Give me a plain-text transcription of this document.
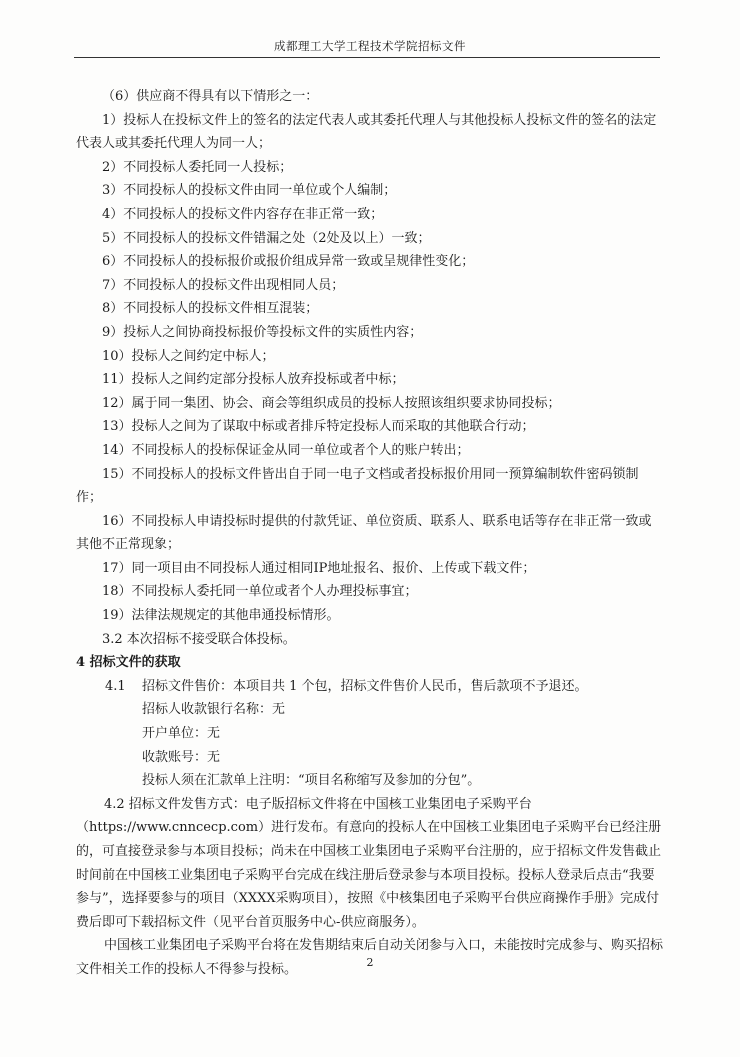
成都理工大学工程技术学院招标文件

（6）供应商不得具有以下情形之一：

1）投标人在投标文件上的签名的法定代表人或其委托代理人与其他投标人投标文件的签名的法定代表人或其委托代理人为同一人；

2）不同投标人委托同一人投标；

3）不同投标人的投标文件由同一单位或个人编制；

4）不同投标人的投标文件内容存在非正常一致；

5）不同投标人的投标文件错漏之处（2处及以上）一致；

6）不同投标人的投标报价或报价组成异常一致或呈规律性变化；

7）不同投标人的投标文件出现相同人员；

8）不同投标人的投标文件相互混装；

9）投标人之间协商投标报价等投标文件的实质性内容；

10）投标人之间约定中标人；

11）投标人之间约定部分投标人放弃投标或者中标；

12）属于同一集团、协会、商会等组织成员的投标人按照该组织要求协同投标；

13）投标人之间为了谋取中标或者排斥特定投标人而采取的其他联合行动；

14）不同投标人的投标保证金从同一单位或者个人的账户转出；

15）不同投标人的投标文件皆出自于同一电子文档或者投标报价用同一预算编制软件密码锁制作；

16）不同投标人申请投标时提供的付款凭证、单位资质、联系人、联系电话等存在非正常一致或其他不正常现象；

17）同一项目由不同投标人通过相同IP地址报名、报价、上传或下载文件；

18）不同投标人委托同一单位或者个人办理投标事宜；

19）法律法规规定的其他串通投标情形。

3.2 本次招标不接受联合体投标。

4 招标文件的获取

4.1 招标文件售价：本项目共 1 个包，招标文件售价人民币，售后款项不予退还。

招标人收款银行名称：无

开户单位：无

收款账号：无

投标人须在汇款单上注明：“项目名称缩写及参加的分包”。

4.2 招标文件发售方式：电子版招标文件将在中国核工业集团电子采购平台（https://www.cnncecp.com）进行发布。有意向的投标人在中国核工业集团电子采购平台已经注册的，可直接登录参与本项目投标；尚未在中国核工业集团电子采购平台注册的，应于招标文件发售截止时间前在中国核工业集团电子采购平台完成在线注册后登录参与本项目投标。投标人登录后点击“我要参与”，选择要参与的项目（XXXX采购项目），按照《中核集团电子采购平台供应商操作手册》完成付费后即可下载招标文件（见平台首页服务中心-供应商服务）。

中国核工业集团电子采购平台将在发售期结束后自动关闭参与入口，未能按时完成参与、购买招标文件相关工作的投标人不得参与投标。	2
